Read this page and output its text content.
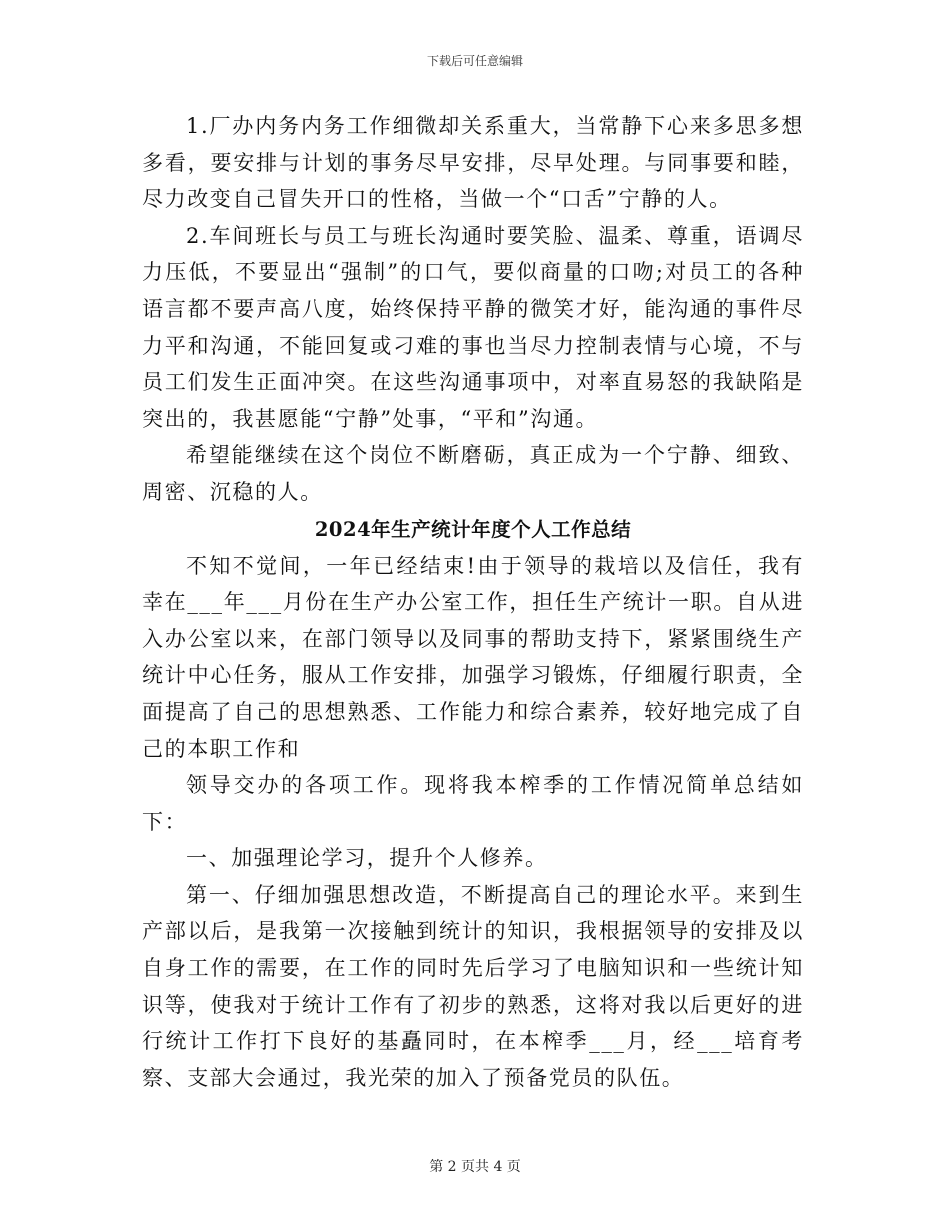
下载后可任意编辑

1.厂办内务内务工作细微却关系重大，当常静下心来多思多想多看，要安排与计划的事务尽早安排，尽早处理。与同事要和睦，尽力改变自己冒失开口的性格，当做一个“口舌”宁静的人。

2.车间班长与员工与班长沟通时要笑脸、温柔、尊重，语调尽力压低，不要显出“强制”的口气，要似商量的口吻;对员工的各种语言都不要声高八度，始终保持平静的微笑才好，能沟通的事件尽力平和沟通，不能回复或刁难的事也当尽力控制表情与心境，不与员工们发生正面冲突。在这些沟通事项中，对率直易怒的我缺陷是突出的，我甚愿能“宁静”处事，“平和”沟通。

希望能继续在这个岗位不断磨砺，真正成为一个宁静、细致、周密、沉稳的人。

2024年生产统计年度个人工作总结

不知不觉间，一年已经结束!由于领导的栽培以及信任，我有幸在___年___月份在生产办公室工作，担任生产统计一职。自从进入办公室以来，在部门领导以及同事的帮助支持下，紧紧围绕生产统计中心任务，服从工作安排，加强学习锻炼，仔细履行职责，全面提高了自己的思想熟悉、工作能力和综合素养，较好地完成了自己的本职工作和

领导交办的各项工作。现将我本榨季的工作情况简单总结如下：

一、加强理论学习，提升个人修养。

第一、仔细加强思想改造，不断提高自己的理论水平。来到生产部以后，是我第一次接触到统计的知识，我根据领导的安排及以自身工作的需要，在工作的同时先后学习了电脑知识和一些统计知识等，使我对于统计工作有了初步的熟悉，这将对我以后更好的进行统计工作打下良好的基矗同时，在本榨季___月，经___培育考察、支部大会通过，我光荣的加入了预备党员的队伍。

第 2 页共 4 页
